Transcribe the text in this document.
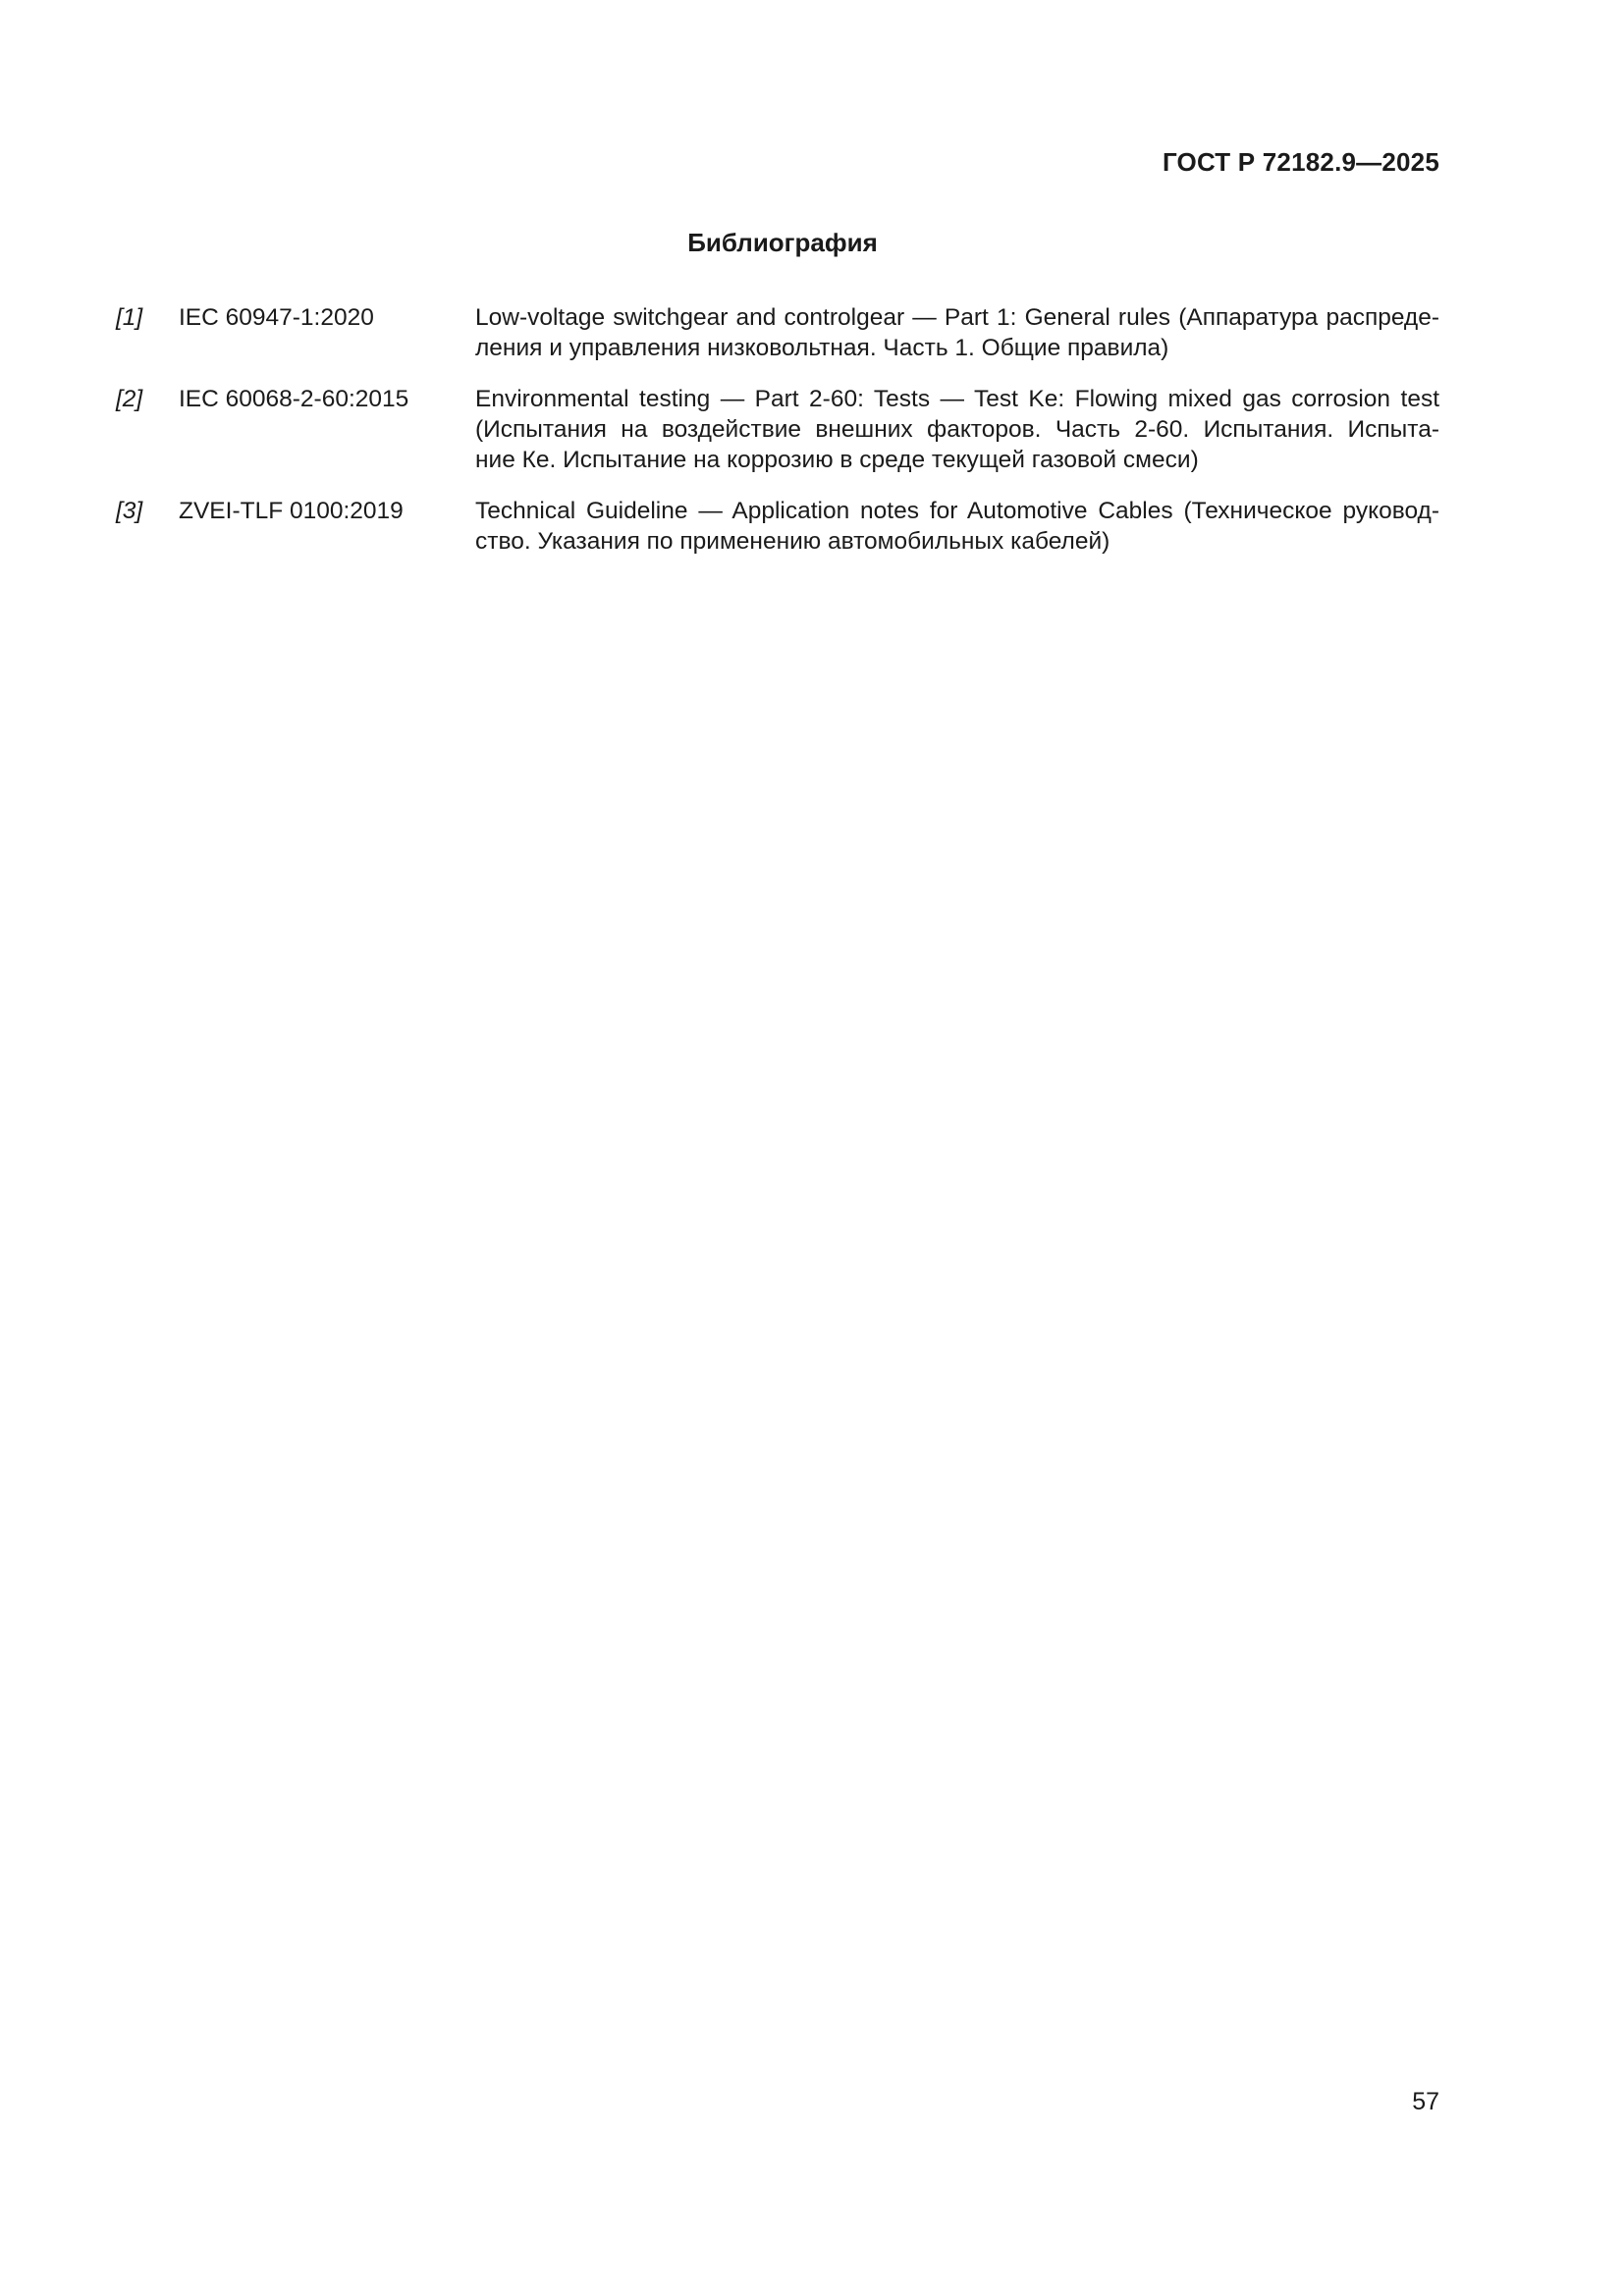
ГОСТ Р 72182.9—2025
Библиография
[1]	IEC 60947-1:2020	Low-voltage switchgear and controlgear — Part 1: General rules (Аппаратура распреде-
ления и управления низковольтная. Часть 1. Общие правила)
[2]	IEC 60068-2-60:2015	Environmental testing — Part 2-60: Tests — Test Ke: Flowing mixed gas corrosion test
(Испытания на воздействие внешних факторов. Часть 2-60. Испытания. Испыта-
ние Ке. Испытание на коррозию в среде текущей газовой смеси)
[3]	ZVEI-TLF 0100:2019	Technical Guideline — Application notes for Automotive Cables (Техническое руковод-
ство. Указания по применению автомобильных кабелей)
57
